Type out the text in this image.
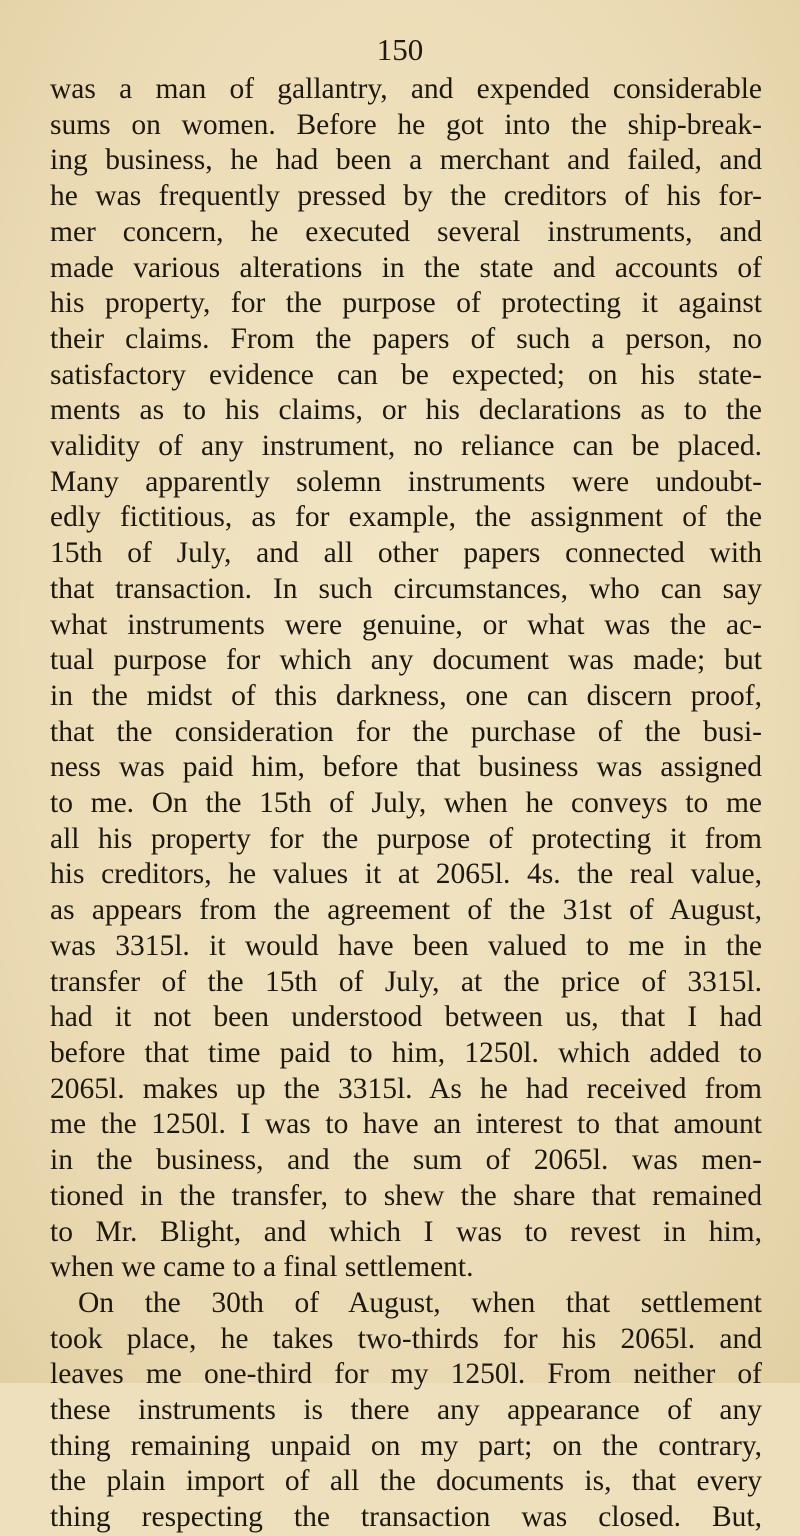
150
was a man of gallantry, and expended considerable
sums on women. Before he got into the ship-break-
ing business, he had been a merchant and failed, and
he was frequently pressed by the creditors of his for-
mer concern, he executed several instruments, and
made various alterations in the state and accounts of
his property, for the purpose of protecting it against
their claims. From the papers of such a person, no
satisfactory evidence can be expected; on his state-
ments as to his claims, or his declarations as to the
validity of any instrument, no reliance can be placed.
Many apparently solemn instruments were undoubt-
edly fictitious, as for example, the assignment of the
15th of July, and all other papers connected with
that transaction. In such circumstances, who can say
what instruments were genuine, or what was the ac-
tual purpose for which any document was made; but
in the midst of this darkness, one can discern proof,
that the consideration for the purchase of the busi-
ness was paid him, before that business was assigned
to me. On the 15th of July, when he conveys to me
all his property for the purpose of protecting it from
his creditors, he values it at 2065l. 4s. the real value,
as appears from the agreement of the 31st of August,
was 3315l. it would have been valued to me in the
transfer of the 15th of July, at the price of 3315l.
had it not been understood between us, that I had
before that time paid to him, 1250l. which added to
2065l. makes up the 3315l. As he had received from
me the 1250l. I was to have an interest to that amount
in the business, and the sum of 2065l. was men-
tioned in the transfer, to shew the share that remained
to Mr. Blight, and which I was to revest in him,
when we came to a final settlement.
On the 30th of August, when that settlement
took place, he takes two-thirds for his 2065l. and
leaves me one-third for my 1250l. From neither of
these instruments is there any appearance of any
thing remaining unpaid on my part; on the contrary,
the plain import of all the documents is, that every
thing respecting the transaction was closed. But,
